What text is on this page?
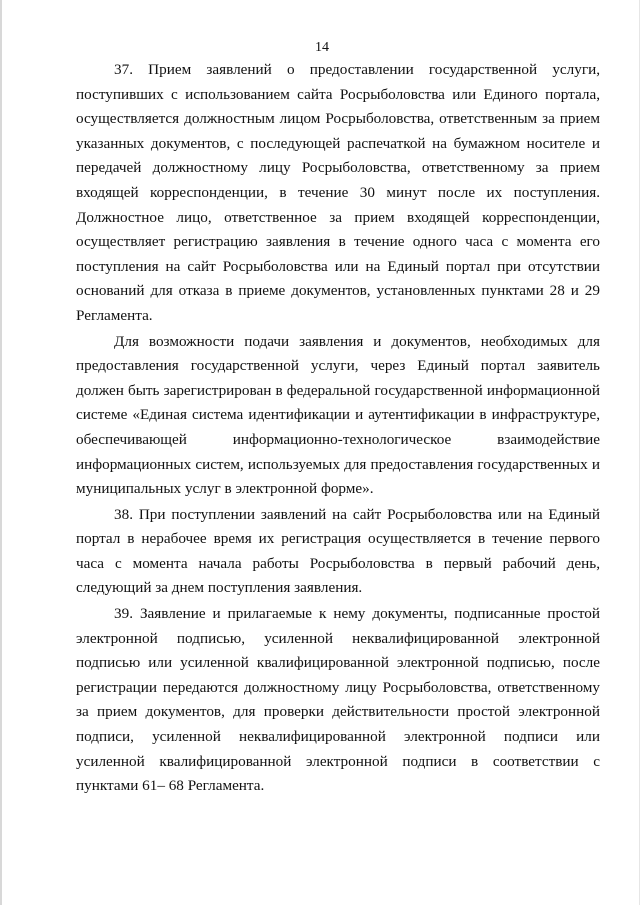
14

37. Прием заявлений о предоставлении государственной услуги, поступивших с использованием сайта Росрыболовства или Единого портала, осуществляется должностным лицом Росрыболовства, ответственным за прием указанных документов, с последующей распечаткой на бумажном носителе и передачей должностному лицу Росрыболовства, ответственному за прием входящей корреспонденции, в течение 30 минут после их поступления. Должностное лицо, ответственное за прием входящей корреспонденции, осуществляет регистрацию заявления в течение одного часа с момента его поступления на сайт Росрыболовства или на Единый портал при отсутствии оснований для отказа в приеме документов, установленных пунктами 28 и 29 Регламента.

Для возможности подачи заявления и документов, необходимых для предоставления государственной услуги, через Единый портал заявитель должен быть зарегистрирован в федеральной государственной информационной системе «Единая система идентификации и аутентификации в инфраструктуре, обеспечивающей информационно-технологическое взаимодействие информационных систем, используемых для предоставления государственных и муниципальных услуг в электронной форме».

38. При поступлении заявлений на сайт Росрыболовства или на Единый портал в нерабочее время их регистрация осуществляется в течение первого часа с момента начала работы Росрыболовства в первый рабочий день, следующий за днем поступления заявления.

39. Заявление и прилагаемые к нему документы, подписанные простой электронной подписью, усиленной неквалифицированной электронной подписью или усиленной квалифицированной электронной подписью, после регистрации передаются должностному лицу Росрыболовства, ответственному за прием документов, для проверки действительности простой электронной подписи, усиленной неквалифицированной электронной подписи или усиленной квалифицированной электронной подписи в соответствии с пунктами 61– 68 Регламента.
